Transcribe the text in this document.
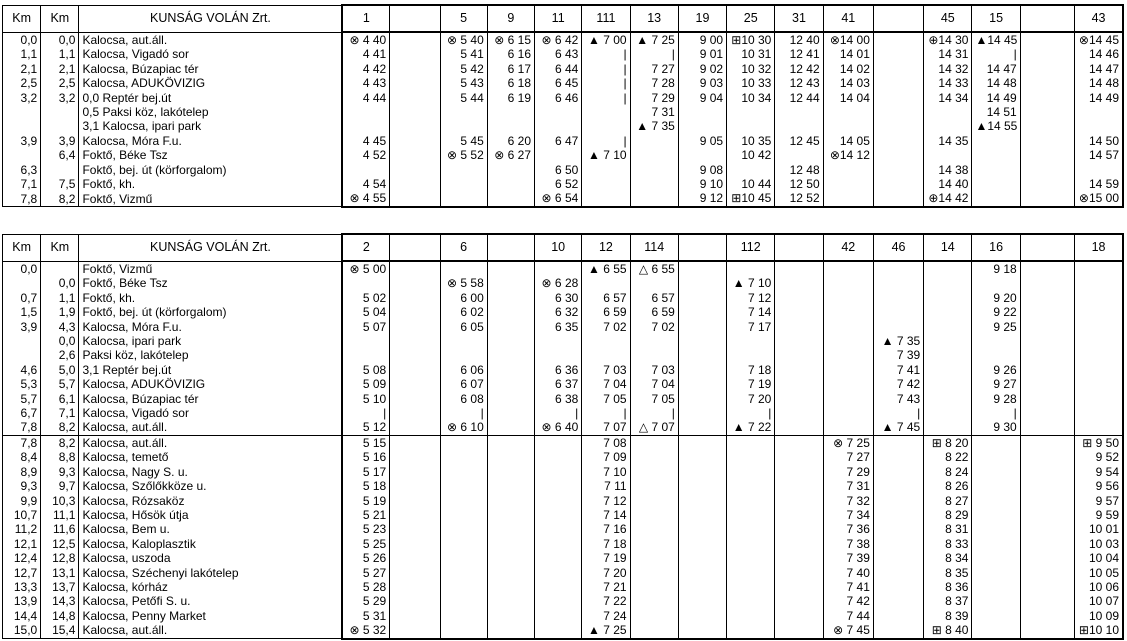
Km	Km	KUNSÁG VOLÁN Zrt.	1		5	9	11	111	13	19	25	31	41		45	15		43
0,0	0,0	Kalocsa, aut.áll.	⊗ 4 40		⊗ 5 40	⊗ 6 15	⊗ 6 42	▲ 7 00	▲ 7 25	9 00	⊞10 30	12 40	⊗14 00		⊕14 30	▲14 45		⊗14 45
1,1	1,1	Kalocsa, Vigadó sor	4 41		5 41	6 16	6 43	|	|	9 01	10 31	12 41	14 01		14 31	|		14 46
2,1	2,1	Kalocsa, Búzapiac tér	4 42		5 42	6 17	6 44	|	7 27	9 02	10 32	12 42	14 02		14 32	14 47		14 47
2,5	2,5	Kalocsa, ADUKÖVIZIG	4 43		5 43	6 18	6 45	|	7 28	9 03	10 33	12 43	14 03		14 33	14 48		14 48
3,2	3,2	0,0 Reptér bej.út	4 44		5 44	6 19	6 46	|	7 29	9 04	10 34	12 44	14 04		14 34	14 49		14 49
		0,5 Paksi köz, lakótelep							7 31							14 51		
		3,1 Kalocsa, ipari park							▲ 7 35							▲14 55		
3,9	3,9	Kalocsa, Móra F.u.	4 45		5 45	6 20	6 47	|		9 05	10 35	12 45	14 05		14 35			14 50
	6,4	Foktő, Béke Tsz	4 52		⊗ 5 52	⊗ 6 27		▲ 7 10			10 42		⊗14 12					14 57
6,3		Foktő, bej. út (körforgalom)					6 50			9 08		12 48			14 38			
7,1	7,5	Foktő, kh.	4 54				6 52			9 10	10 44	12 50			14 40			14 59
7,8	8,2	Foktő, Vizmű	⊗ 4 55				⊗ 6 54			9 12	⊞10 45	12 52			⊕14 42			⊗15 00
Km	Km	KUNSÁG VOLÁN Zrt.	2		6		10	12	114		112		42	46	14	16		18
0,0		Foktő, Vizmű	⊗ 5 00					▲ 6 55	△ 6 55							9 18		
	0,0	Foktő, Béke Tsz			⊗ 5 58		⊗ 6 28				▲ 7 10							
0,7	1,1	Foktő, kh.	5 02		6 00		6 30	6 57	6 57		7 12					9 20		
1,5	1,9	Foktő, bej. út (körforgalom)	5 04		6 02		6 32	6 59	6 59		7 14					9 22		
3,9	4,3	Kalocsa, Móra F.u.	5 07		6 05		6 35	7 02	7 02		7 17					9 25		
	0,0	Kalocsa, ipari park												▲ 7 35				
	2,6	Paksi köz, lakótelep												7 39				
4,6	5,0	3,1 Reptér bej.út	5 08		6 06		6 36	7 03	7 03		7 18			7 41		9 26		
5,3	5,7	Kalocsa, ADUKÖVIZIG	5 09		6 07		6 37	7 04	7 04		7 19			7 42		9 27		
5,7	6,1	Kalocsa, Búzapiac tér	5 10		6 08		6 38	7 05	7 05		7 20			7 43		9 28		
6,7	7,1	Kalocsa, Vigadó sor	|		|		|	|	|		|			|		|		
7,8	8,2	Kalocsa, aut.áll.	5 12		⊗ 6 10		⊗ 6 40	7 07	△ 7 07		▲ 7 22			▲ 7 45		9 30		
7,8	8,2	Kalocsa, aut.áll.	5 15					7 08					⊗ 7 25		⊞ 8 20			⊞ 9 50
8,4	8,8	Kalocsa, temető	5 16					7 09					7 27		8 22			9 52
8,9	9,3	Kalocsa, Nagy S. u.	5 17					7 10					7 29		8 24			9 54
9,3	9,7	Kalocsa, Szőlőkköze u.	5 18					7 11					7 31		8 26			9 56
9,9	10,3	Kalocsa, Rózsaköz	5 19					7 12					7 32		8 27			9 57
10,7	11,1	Kalocsa, Hősök útja	5 21					7 14					7 34		8 29			9 59
11,2	11,6	Kalocsa, Bem u.	5 23					7 16					7 36		8 31			10 01
12,1	12,5	Kalocsa, Kaloplasztik	5 25					7 18					7 38		8 33			10 03
12,4	12,8	Kalocsa, uszoda	5 26					7 19					7 39		8 34			10 04
12,7	13,1	Kalocsa, Széchenyi lakótelep	5 27					7 20					7 40		8 35			10 05
13,3	13,7	Kalocsa, kórház	5 28					7 21					7 41		8 36			10 06
13,9	14,3	Kalocsa, Petőfi S. u.	5 29					7 22					7 42		8 37			10 07
14,4	14,8	Kalocsa, Penny Market	5 31					7 24					7 44		8 39			10 09
15,0	15,4	Kalocsa, aut.áll.	⊗ 5 32					▲ 7 25					⊗ 7 45		⊞ 8 40			⊞10 10
